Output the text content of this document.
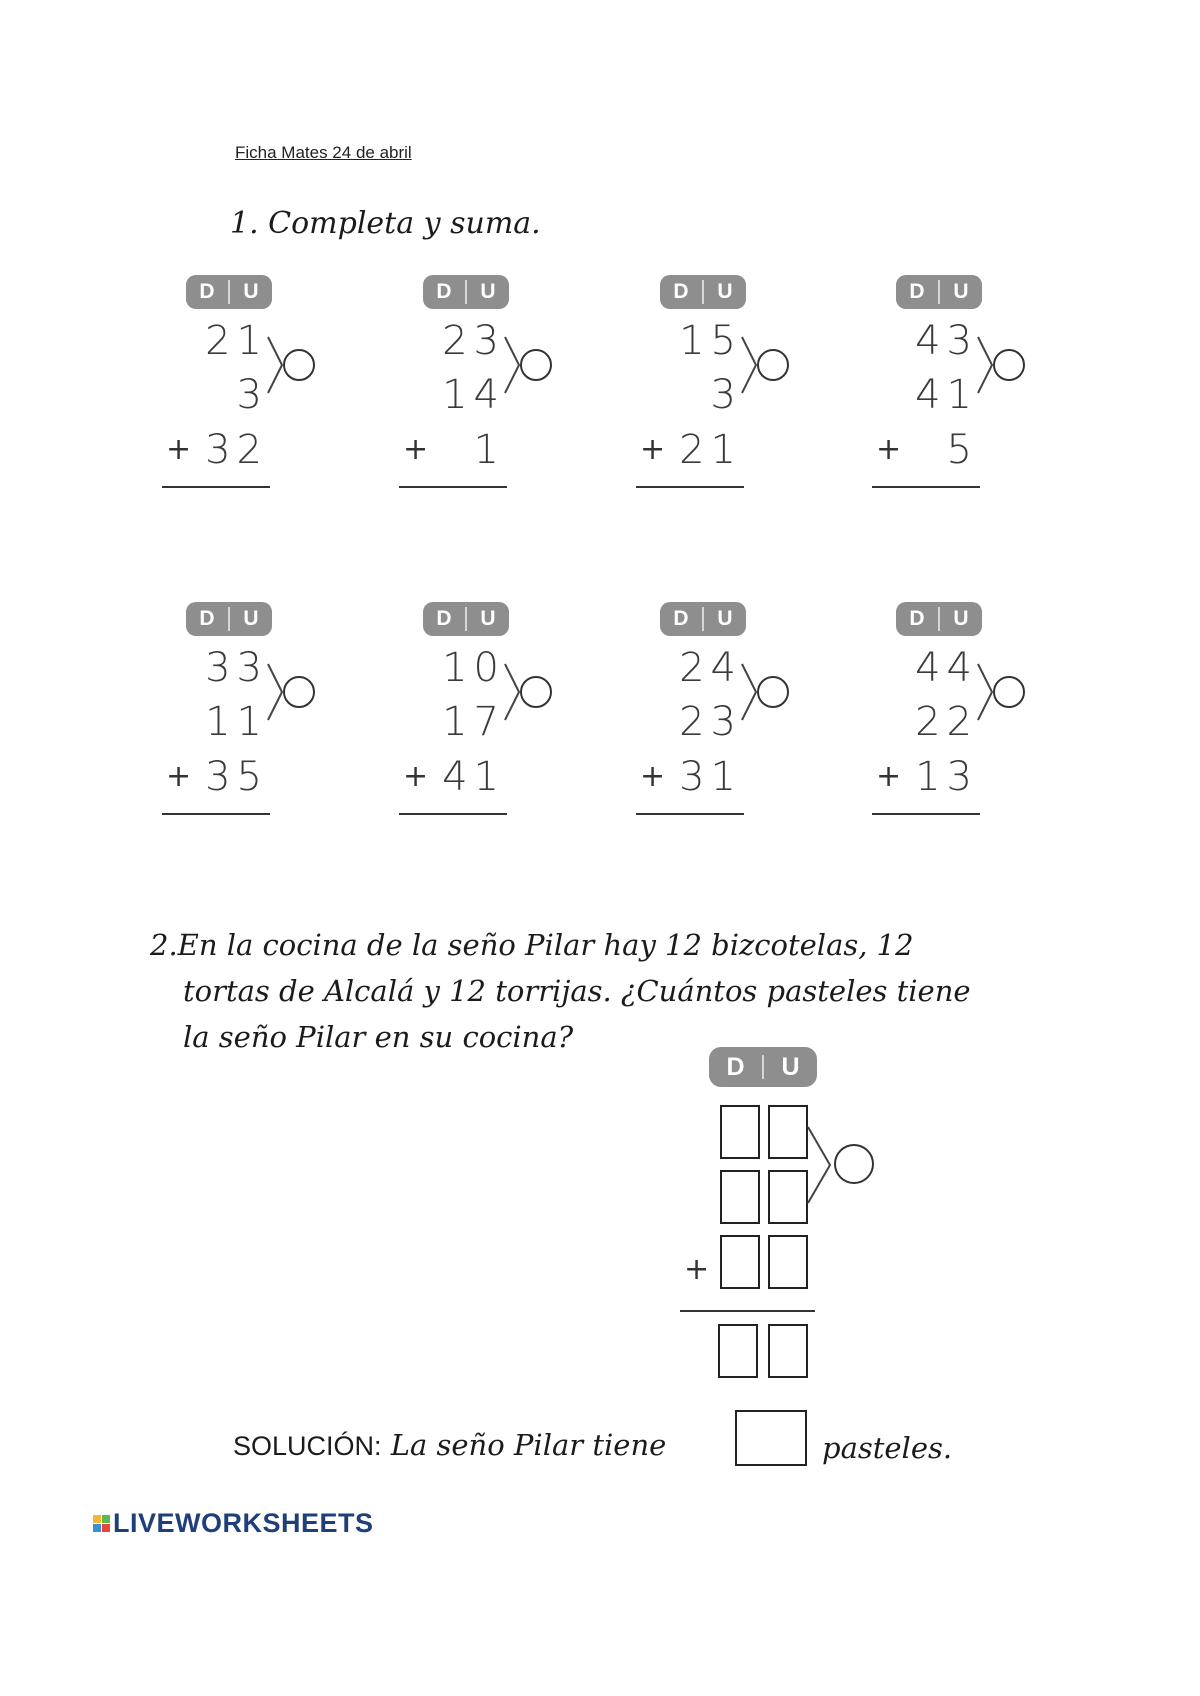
Ficha Mates 24 de abril
1. Completa y suma.
D	U
21
3
+ 32
D	U
23
14
+	1
D	U
15
3
+ 21
D	U
43
41
+	5
D	U
33
11
+ 35
D	U
10
17
+ 41
D	U
24
23
+ 31
D	U
44
22
+ 13
2.En la cocina de la seño Pilar hay 12 bizcotelas, 12
tortas de Alcalá y 12 torrijas. ¿Cuántos pasteles tiene
la seño Pilar en su cocina?
D	U
+
SOLUCIÓN: La seño Pilar tiene	pasteles.
LIVEWORKSHEETS
